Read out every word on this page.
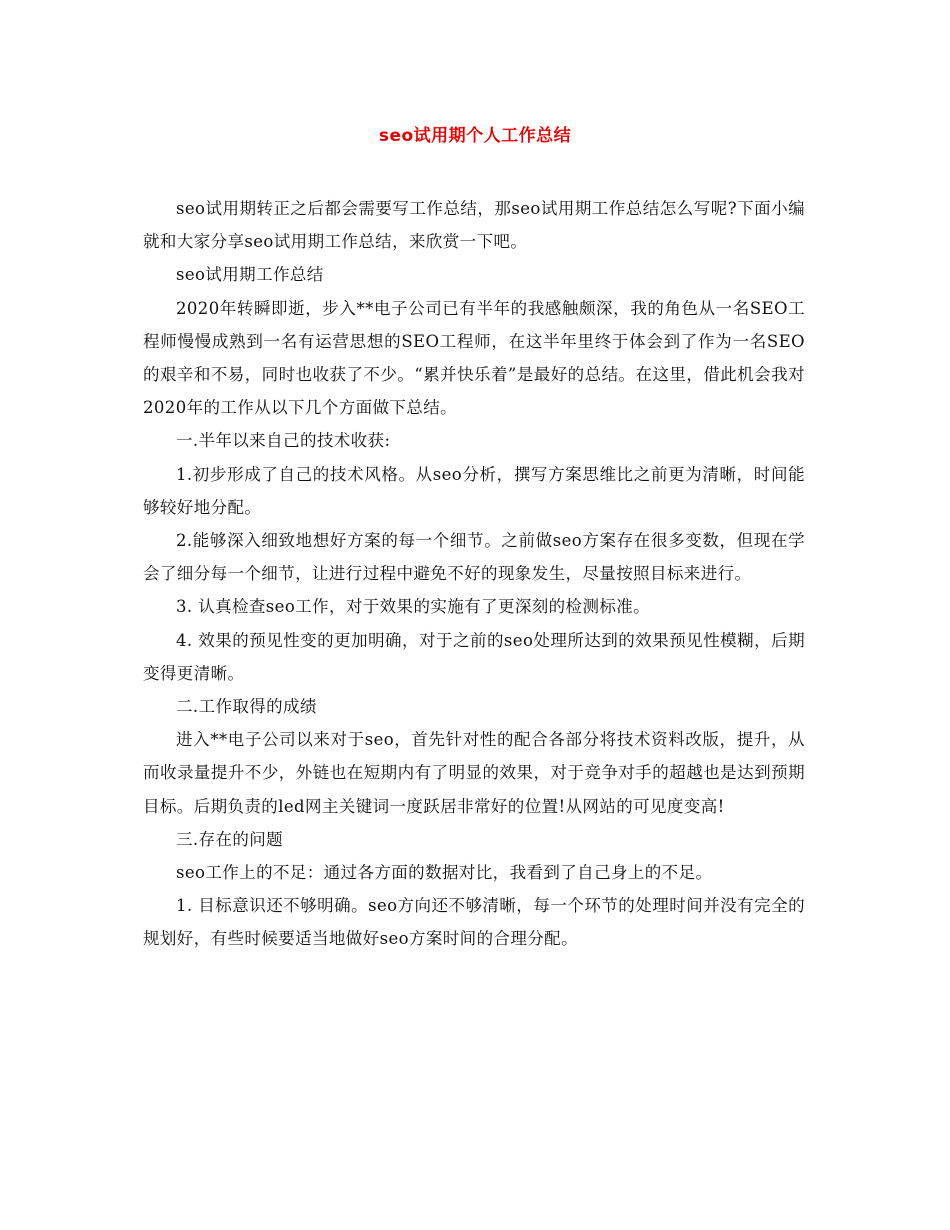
seo试用期个人工作总结

seo试用期转正之后都会需要写工作总结，那seo试用期工作总结怎么写呢?下面小编就和大家分享seo试用期工作总结，来欣赏一下吧。

seo试用期工作总结

2020年转瞬即逝，步入**电子公司已有半年的我感触颇深，我的角色从一名SEO工程师慢慢成熟到一名有运营思想的SEO工程师，在这半年里终于体会到了作为一名SEO的艰辛和不易，同时也收获了不少。“累并快乐着”是最好的总结。在这里，借此机会我对2020年的工作从以下几个方面做下总结。

一.半年以来自己的技术收获:

1.初步形成了自己的技术风格。从seo分析，撰写方案思维比之前更为清晰，时间能够较好地分配。

2.能够深入细致地想好方案的每一个细节。之前做seo方案存在很多变数，但现在学会了细分每一个细节，让进行过程中避免不好的现象发生，尽量按照目标来进行。

3. 认真检查seo工作，对于效果的实施有了更深刻的检测标准。

4. 效果的预见性变的更加明确，对于之前的seo处理所达到的效果预见性模糊，后期变得更清晰。

二.工作取得的成绩

进入**电子公司以来对于seo，首先针对性的配合各部分将技术资料改版，提升，从而收录量提升不少，外链也在短期内有了明显的效果，对于竞争对手的超越也是达到预期目标。后期负责的led网主关键词一度跃居非常好的位置!从网站的可见度变高!

三.存在的问题

seo工作上的不足：通过各方面的数据对比，我看到了自己身上的不足。

1. 目标意识还不够明确。seo方向还不够清晰，每一个环节的处理时间并没有完全的规划好，有些时候要适当地做好seo方案时间的合理分配。
